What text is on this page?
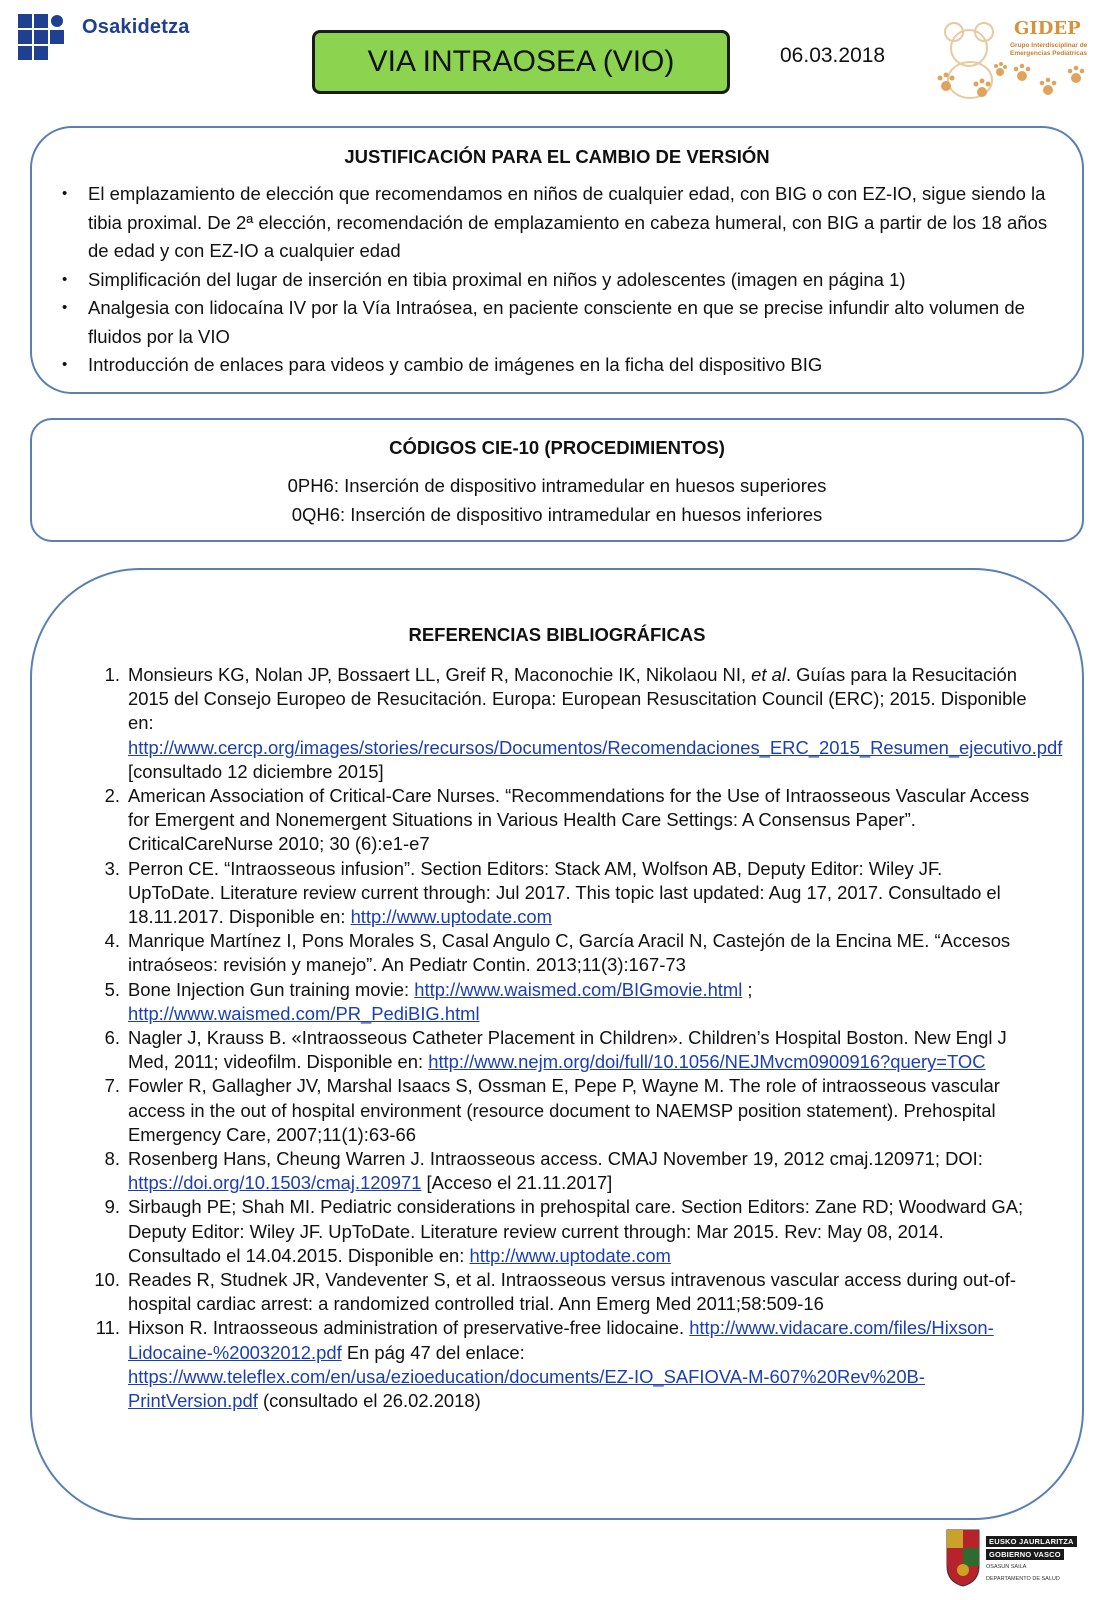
Osakidetza
VIA INTRAOSEA (VIO)	06.03.2018
GIDEP
Grupo Interdisciplinar de Emergencias Pediátricas
JUSTIFICACIÓN PARA EL CAMBIO DE VERSIÓN
• El emplazamiento de elección que recomendamos en niños de cualquier edad, con BIG o con EZ-IO, sigue siendo la tibia proximal. De 2ª elección, recomendación de emplazamiento en cabeza humeral, con BIG a partir de los 18 años de edad y con EZ-IO a cualquier edad
• Simplificación del lugar de inserción en tibia proximal en niños y adolescentes (imagen en página 1)
• Analgesia con lidocaína IV por la Vía Intraósea, en paciente consciente en que se precise infundir alto volumen de fluidos por la VIO
• Introducción de enlaces para videos y cambio de imágenes en la ficha del dispositivo BIG
CÓDIGOS CIE-10 (PROCEDIMIENTOS)
0PH6: Inserción de dispositivo intramedular en huesos superiores
0QH6: Inserción de dispositivo intramedular en huesos inferiores
REFERENCIAS BIBLIOGRÁFICAS
1. Monsieurs KG, Nolan JP, Bossaert LL, Greif R, Maconochie IK, Nikolaou NI, et al. Guías para la Resucitación 2015 del Consejo Europeo de Resucitación. Europa: European Resuscitation Council (ERC); 2015. Disponible en: http://www.cercp.org/images/stories/recursos/Documentos/Recomendaciones_ERC_2015_Resumen_ejecutivo.pdf [consultado 12 diciembre 2015]
2. American Association of Critical-Care Nurses. “Recommendations for the Use of Intraosseous Vascular Access for Emergent and Nonemergent Situations in Various Health Care Settings: A Consensus Paper”. CriticalCareNurse 2010; 30 (6):e1-e7
3. Perron CE. “Intraosseous infusion”. Section Editors: Stack AM, Wolfson AB, Deputy Editor: Wiley JF. UpToDate. Literature review current through: Jul 2017. This topic last updated: Aug 17, 2017. Consultado el 18.11.2017. Disponible en: http://www.uptodate.com
4. Manrique Martínez I, Pons Morales S, Casal Angulo C, García Aracil N, Castejón de la Encina ME. “Accesos intraóseos: revisión y manejo”. An Pediatr Contin. 2013;11(3):167-73
5. Bone Injection Gun training movie: http://www.waismed.com/BIGmovie.html ; http://www.waismed.com/PR_PediBIG.html
6. Nagler J, Krauss B. «Intraosseous Catheter Placement in Children». Children’s Hospital Boston. New Engl J Med, 2011; videofilm. Disponible en: http://www.nejm.org/doi/full/10.1056/NEJMvcm0900916?query=TOC
7. Fowler R, Gallagher JV, Marshal Isaacs S, Ossman E, Pepe P, Wayne M. The role of intraosseous vascular access in the out of hospital environment (resource document to NAEMSP position statement). Prehospital Emergency Care, 2007;11(1):63-66
8. Rosenberg Hans, Cheung Warren J. Intraosseous access. CMAJ November 19, 2012 cmaj.120971; DOI: https://doi.org/10.1503/cmaj.120971 [Acceso el 21.11.2017]
9. Sirbaugh PE; Shah MI. Pediatric considerations in prehospital care. Section Editors: Zane RD; Woodward GA; Deputy Editor: Wiley JF. UpToDate. Literature review current through: Mar 2015. Rev: May 08, 2014. Consultado el 14.04.2015. Disponible en: http://www.uptodate.com
10. Reades R, Studnek JR, Vandeventer S, et al. Intraosseous versus intravenous vascular access during out-of-hospital cardiac arrest: a randomized controlled trial. Ann Emerg Med 2011;58:509-16
11. Hixson R. Intraosseous administration of preservative-free lidocaine. http://www.vidacare.com/files/Hixson-Lidocaine-%20032012.pdf En pág 47 del enlace: https://www.teleflex.com/en/usa/ezioeducation/documents/EZ-IO_SAFIOVA-M-607%20Rev%20B-PrintVersion.pdf (consultado el 26.02.2018)
EUSKO JAURLARITZA
GOBIERNO VASCO
OSASUN SAILA
DEPARTAMENTO DE SALUD
